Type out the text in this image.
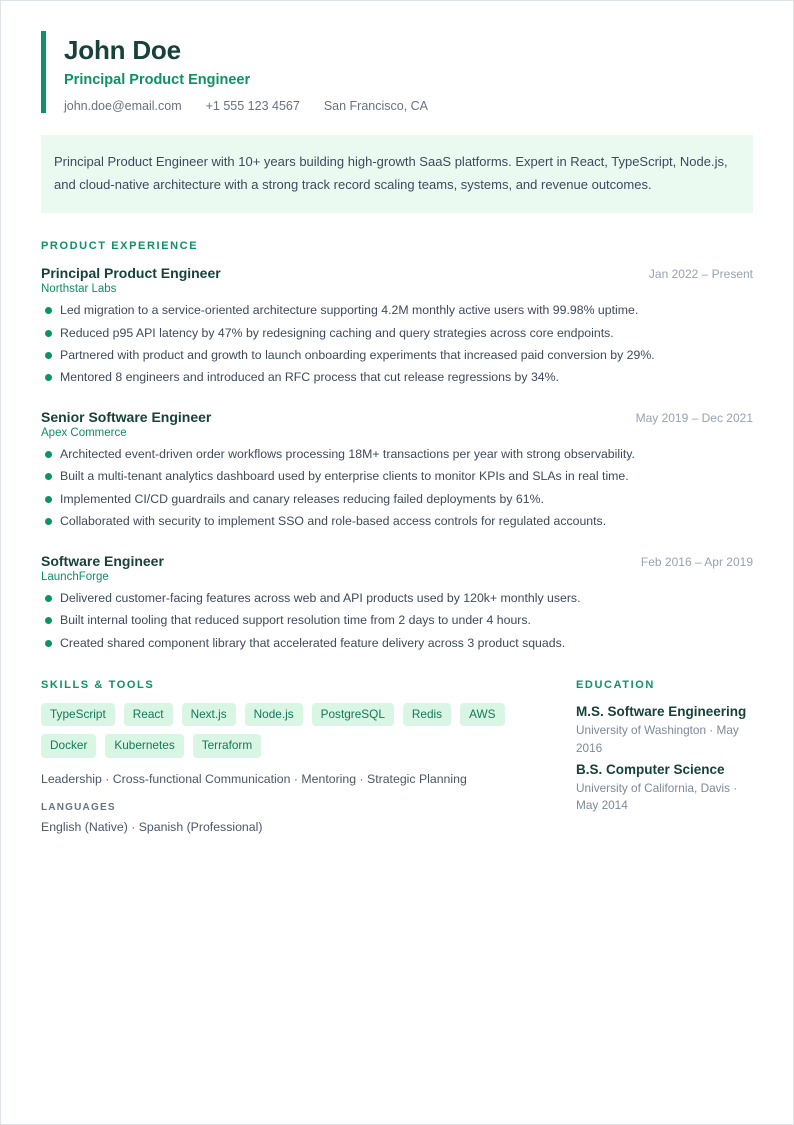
John Doe
Principal Product Engineer
john.doe@email.com +1 555 123 4567 San Francisco, CA

Principal Product Engineer with 10+ years building high-growth SaaS platforms. Expert in React, TypeScript, Node.js, and cloud-native architecture with a strong track record scaling teams, systems, and revenue outcomes.

PRODUCT EXPERIENCE
Principal Product Engineer	Jan 2022 – Present
Northstar Labs
Led migration to a service-oriented architecture supporting 4.2M monthly active users with 99.98% uptime.
Reduced p95 API latency by 47% by redesigning caching and query strategies across core endpoints.
Partnered with product and growth to launch onboarding experiments that increased paid conversion by 29%.
Mentored 8 engineers and introduced an RFC process that cut release regressions by 34%.
Senior Software Engineer	May 2019 – Dec 2021
Apex Commerce
Architected event-driven order workflows processing 18M+ transactions per year with strong observability.
Built a multi-tenant analytics dashboard used by enterprise clients to monitor KPIs and SLAs in real time.
Implemented CI/CD guardrails and canary releases reducing failed deployments by 61%.
Collaborated with security to implement SSO and role-based access controls for regulated accounts.
Software Engineer	Feb 2016 – Apr 2019
LaunchForge
Delivered customer-facing features across web and API products used by 120k+ monthly users.
Built internal tooling that reduced support resolution time from 2 days to under 4 hours.
Created shared component library that accelerated feature delivery across 3 product squads.
SKILLS & TOOLS
TypeScript	React	Next.js	Node.js	PostgreSQL	Redis	AWS
Docker	Kubernetes	Terraform
Leadership · Cross-functional Communication · Mentoring · Strategic Planning
LANGUAGES
English (Native) · Spanish (Professional)
EDUCATION
M.S. Software Engineering
University of Washington · May 2016
B.S. Computer Science
University of California, Davis · May 2014
